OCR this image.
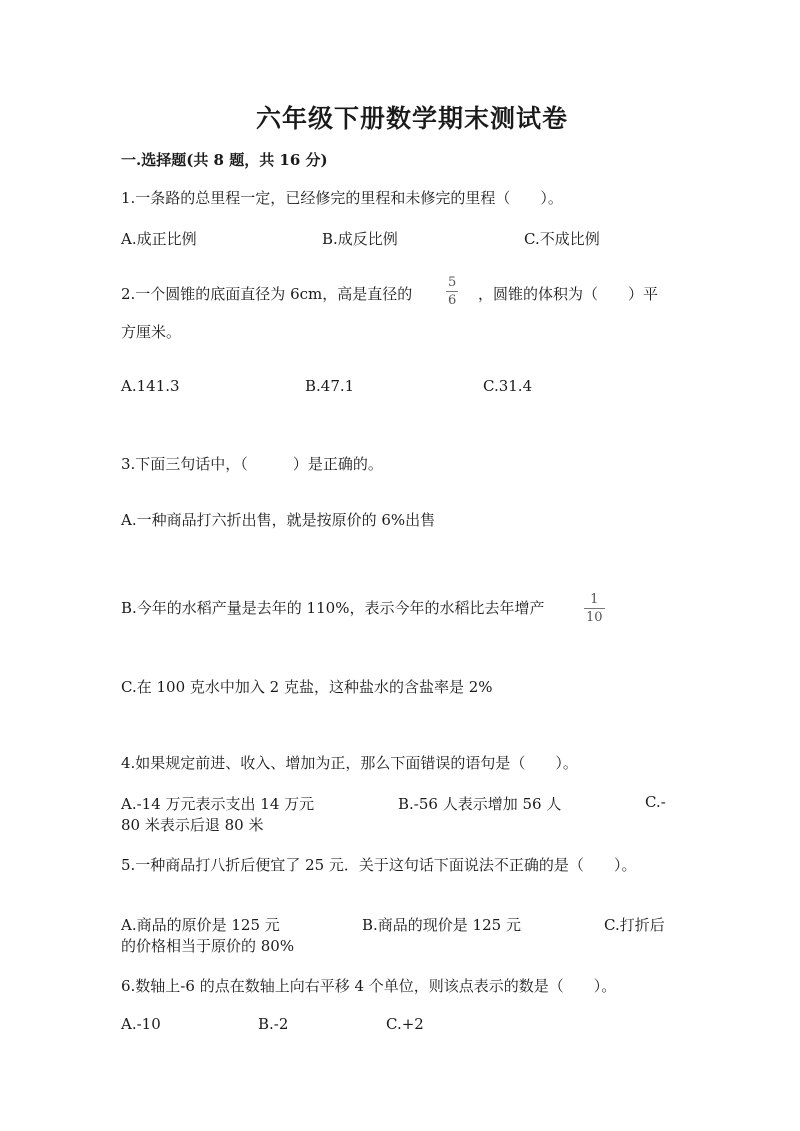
六年级下册数学期末测试卷
一.选择题(共 8 题，共 16 分)
1.一条路的总里程一定，已经修完的里程和未修完的里程（　　）。
A.成正比例	B.成反比例	C.不成比例
2.一个圆锥的底面直径为 6cm，高是直径的
5
6 ，圆锥的体积为（　　）平
方厘米。
A.141.3	B.47.1	C.31.4
3.下面三句话中，（　　　）是正确的。
A.一种商品打六折出售，就是按原价的 6%出售
B.今年的水稻产量是去年的 110%，表示今年的水稻比去年增产	1
10
C.在 100 克水中加入 2 克盐，这种盐水的含盐率是 2%
4.如果规定前进、收入、增加为正，那么下面错误的语句是（　　）。
A.-14 万元表示支出 14 万元	B.-56 人表示增加 56 人	C.-
80 米表示后退 80 米
5.一种商品打八折后便宜了 25 元．关于这句话下面说法不正确的是（　　）。
A.商品的原价是 125 元	B.商品的现价是 125 元	C.打折后
的价格相当于原价的 80%
6.数轴上-6 的点在数轴上向右平移 4 个单位，则该点表示的数是（　　）。
A.-10	B.-2	C.+2
